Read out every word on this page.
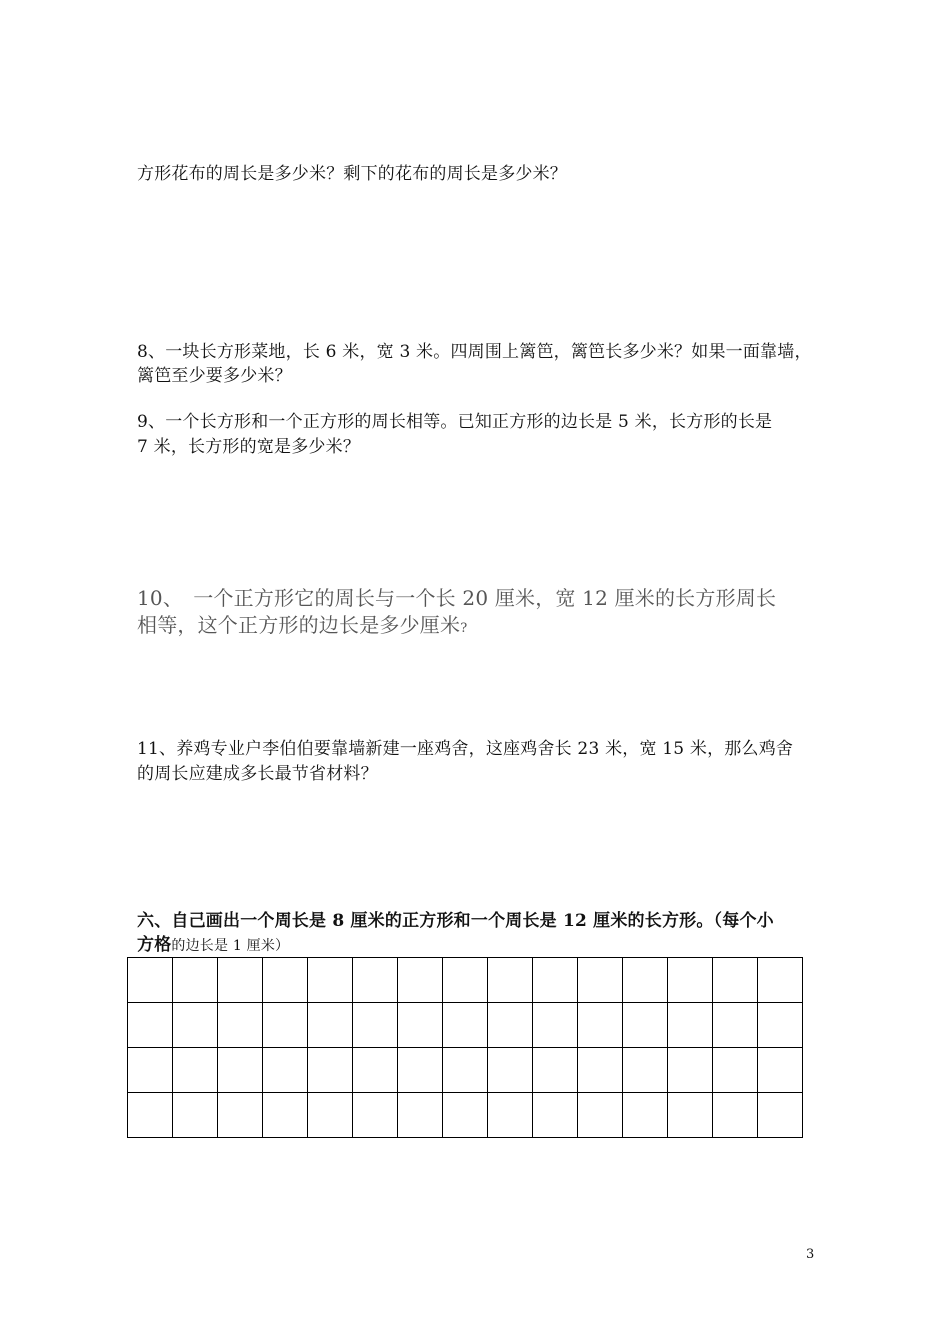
方形花布的周长是多少米？剩下的花布的周长是多少米？
8、一块长方形菜地，长 6 米，宽 3 米。四周围上篱笆，篱笆长多少米？如果一面靠墙，
篱笆至少要多少米？
9、一个长方形和一个正方形的周长相等。已知正方形的边长是 5 米，长方形的长是
7 米，长方形的宽是多少米？
10、　一个正方形它的周长与一个长 20 厘米，宽 12 厘米的长方形周长
相等，这个正方形的边长是多少厘米?
11、养鸡专业户李伯伯要靠墙新建一座鸡舍，这座鸡舍长 23 米，宽 15 米，那么鸡舍
的周长应建成多长最节省材料？
六、自己画出一个周长是 8 厘米的正方形和一个周长是 12 厘米的长方形。（每个小
方格的边长是 1 厘米）

3
